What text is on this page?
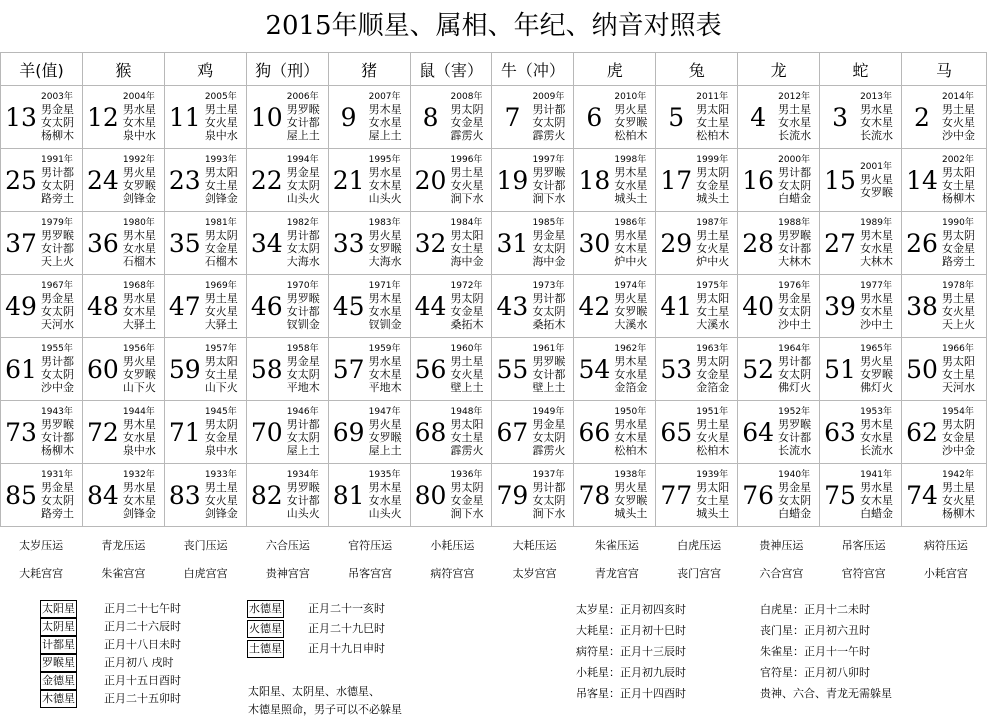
2015年顺星、属相、年纪、纳音对照表
羊(值)	猴	鸡	狗（刑）	猪	鼠（害）	牛（冲）	虎	兔	龙	蛇	马

13
2003年
男金星
女太阴
杨柳木	12
2004年
男水星
女木星
泉中水	11
2005年
男土星
女火星
泉中水	10
2006年
男罗睺
女计都
屋上土	9
2007年
男木星
女水星
屋上土	8
2008年
男太阴
女金星
霹雳火	7
2009年
男计都
女太阴
霹雳火	6
2010年
男火星
女罗睺
松柏木	5
2011年
男太阳
女土星
松柏木	4
2012年
男土星
女水星
长流水	3
2013年
男水星
女木星
长流水	2
2014年
男土星
女火星
沙中金

25
1991年
男计都
女太阴
路旁土	24
1992年
男火星
女罗睺
剑锋金	23
1993年
男太阳
女土星
剑锋金	22
1994年
男金星
女太阴
山头火	21
1995年
男水星
女木星
山头火	20
1996年
男土星
女火星
涧下水	19
1997年
男罗睺
女计都
涧下水	18
1998年
男木星
女水星
城头土	17
1999年
男太阴
女金星
城头土	16
2000年
男计都
女太阴
白蜡金	15 2001年
男火星
女罗睺	14
2002年
男太阳
女土星
杨柳木

37
1979年
男罗睺
女计都
天上火	36
1980年
男木星
女水星
石榴木	35
1981年
男太阴
女金星
石榴木	34
1982年
男计都
女太阴
大海水	33
1983年
男火星
女罗睺
大海水	32
1984年
男太阳
女土星
海中金	31
1985年
男金星
女太阴
海中金	30
1986年
男水星
女木星
炉中火	29
1987年
男土星
女火星
炉中火	28
1988年
男罗睺
女计都
大林木	27
1989年
男木星
女水星
大林木	26
1990年
男太阴
女金星
路旁土

49
1967年
男金星
女太阴
天河水	48
1968年
男水星
女木星
大驿土	47
1969年
男土星
女火星
大驿土	46
1970年
男罗睺
女计都
钗钏金	45
1971年
男木星
女水星
钗钏金	44
1972年
男太阴
女金星
桑拓木	43
1973年
男计都
女太阴
桑拓木	42
1974年
男火星
女罗睺
大溪水	41
1975年
男太阳
女土星
大溪水	40
1976年
男金星
女太阴
沙中土	39
1977年
男水星
女木星
沙中土	38
1978年
男土星
女火星
天上火

61
1955年
男计都
女太阴
沙中金	60
1956年
男火星
女罗睺
山下火	59
1957年
男太阳
女土星
山下火	58
1958年
男金星
女太阴
平地木	57
1959年
男水星
女木星
平地木	56
1960年
男土星
女火星
壁上土	55
1961年
男罗睺
女计都
壁上土	54
1962年
男木星
女水星
金箔金	53
1963年
男太阴
女金星
金箔金	52
1964年
男计都
女太阴
佛灯火	51
1965年
男火星
女罗睺
佛灯火	50
1966年
男太阳
女土星
天河水

73
1943年
男罗睺
女计都
杨柳木	72
1944年
男木星
女水星
泉中水	71
1945年
男太阴
女金星
泉中水	70
1946年
男计都
女太阴
屋上土	69
1947年
男火星
女罗睺
屋上土	68
1948年
男太阳
女土星
霹雳火	67
1949年
男金星
女太阴
霹雳火	66
1950年
男水星
女木星
松柏木	65
1951年
男土星
女火星
松柏木	64
1952年
男罗睺
女计都
长流水	63
1953年
男木星
女水星
长流水	62
1954年
男太阴
女金星
沙中金

85
1931年
男金星
女太阴
路旁土	84
1932年
男水星
女木星
剑锋金	83
1933年
男土星
女火星
剑锋金	82
1934年
男罗睺
女计都
山头火	81
1935年
男木星
女水星
山头火	80
1936年
男太阴
女金星
涧下水	79
1937年
男计都
女太阴
涧下水	78
1938年
男火星
女罗睺
城头土	77
1939年
男太阳
女土星
城头土	76
1940年
男金星
女太阴
白蜡金	75
1941年
男水星
女木星
白蜡金	74
1942年
男土星
女火星
杨柳木
太岁压运	青龙压运	丧门压运	六合压运	官符压运	小耗压运	大耗压运	朱雀压运	白虎压运	贵神压运	吊客压运	病符压运
大耗宫宫	朱雀宫宫	白虎宫宫	贵神宫宫	吊客宫宫	病符宫宫	太岁宫宫	青龙宫宫	丧门宫宫	六合宫宫	官符宫宫	小耗宫宫
太阳星	正月二十七午时
太阴星	正月二十六辰时
计都星	正月十八日未时
罗睺星	正月初八 戌时
金德星	正月十五日酉时
木德星	正月二十五卯时
水德星 正月二十一亥时
火德星 正月二十九巳时
土德星 正月十九日申时
太阳星、太阴星、水德星、
木德星照命，男子可以不必躲星
太岁星：正月初四亥时
大耗星：正月初十巳时
病符星：正月十三辰时
小耗星：正月初九辰时
吊客星：正月十四酉时
白虎星：正月十二未时
丧门星：正月初六丑时
朱雀星：正月十一午时
官符星：正月初八卯时
贵神、六合、青龙无需躲星
